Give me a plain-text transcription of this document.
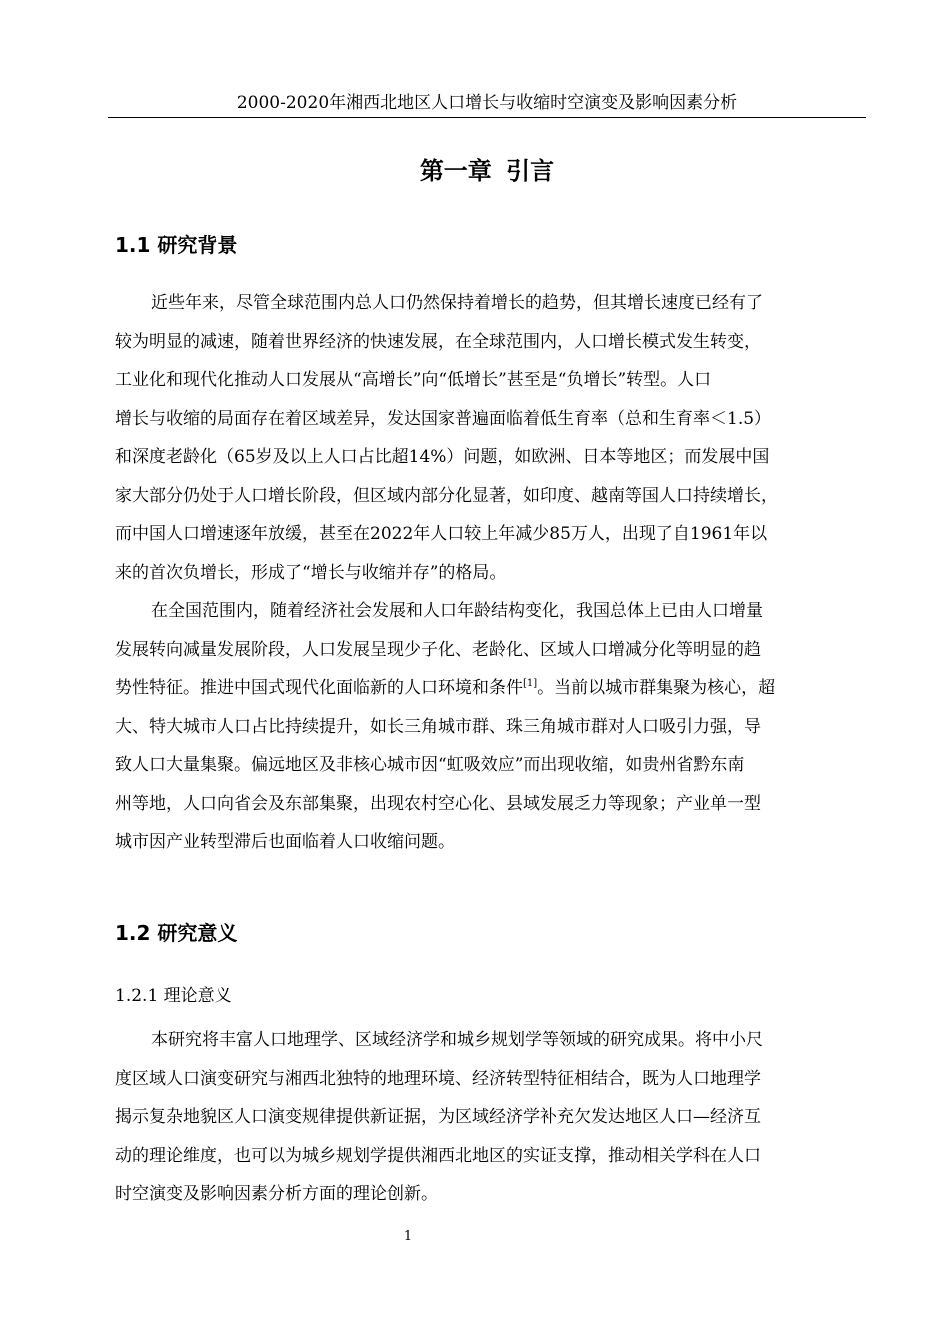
2000-2020年湘西北地区人口增长与收缩时空演变及影响因素分析
第一章 引言
1.1 研究背景
近些年来，尽管全球范围内总人口仍然保持着增长的趋势，但其增长速度已经有了
较为明显的减速，随着世界经济的快速发展，在全球范围内，人口增长模式发生转变，
工业化和现代化推动人口发展从“高增长”向“低增长”甚至是“负增长”转型。人口
增长与收缩的局面存在着区域差异，发达国家普遍面临着低生育率（总和生育率＜1.5）
和深度老龄化（65岁及以上人口占比超14%）问题，如欧洲、日本等地区；而发展中国
家大部分仍处于人口增长阶段，但区域内部分化显著，如印度、越南等国人口持续增长，
而中国人口增速逐年放缓，甚至在2022年人口较上年减少85万人，出现了自1961年以
来的首次负增长，形成了“增长与收缩并存”的格局。
在全国范围内，随着经济社会发展和人口年龄结构变化，我国总体上已由人口增量
发展转向减量发展阶段，人口发展呈现少子化、老龄化、区域人口增减分化等明显的趋
势性特征。推进中国式现代化面临新的人口环境和条件[1]。当前以城市群集聚为核心，超
大、特大城市人口占比持续提升，如长三角城市群、珠三角城市群对人口吸引力强，导
致人口大量集聚。偏远地区及非核心城市因“虹吸效应”而出现收缩，如贵州省黔东南
州等地，人口向省会及东部集聚，出现农村空心化、县域发展乏力等现象；产业单一型
城市因产业转型滞后也面临着人口收缩问题。
1.2 研究意义
1.2.1 理论意义
本研究将丰富人口地理学、区域经济学和城乡规划学等领域的研究成果。将中小尺
度区域人口演变研究与湘西北独特的地理环境、经济转型特征相结合，既为人口地理学
揭示复杂地貌区人口演变规律提供新证据，为区域经济学补充欠发达地区人口—经济互
动的理论维度，也可以为城乡规划学提供湘西北地区的实证支撑，推动相关学科在人口
时空演变及影响因素分析方面的理论创新。
1
